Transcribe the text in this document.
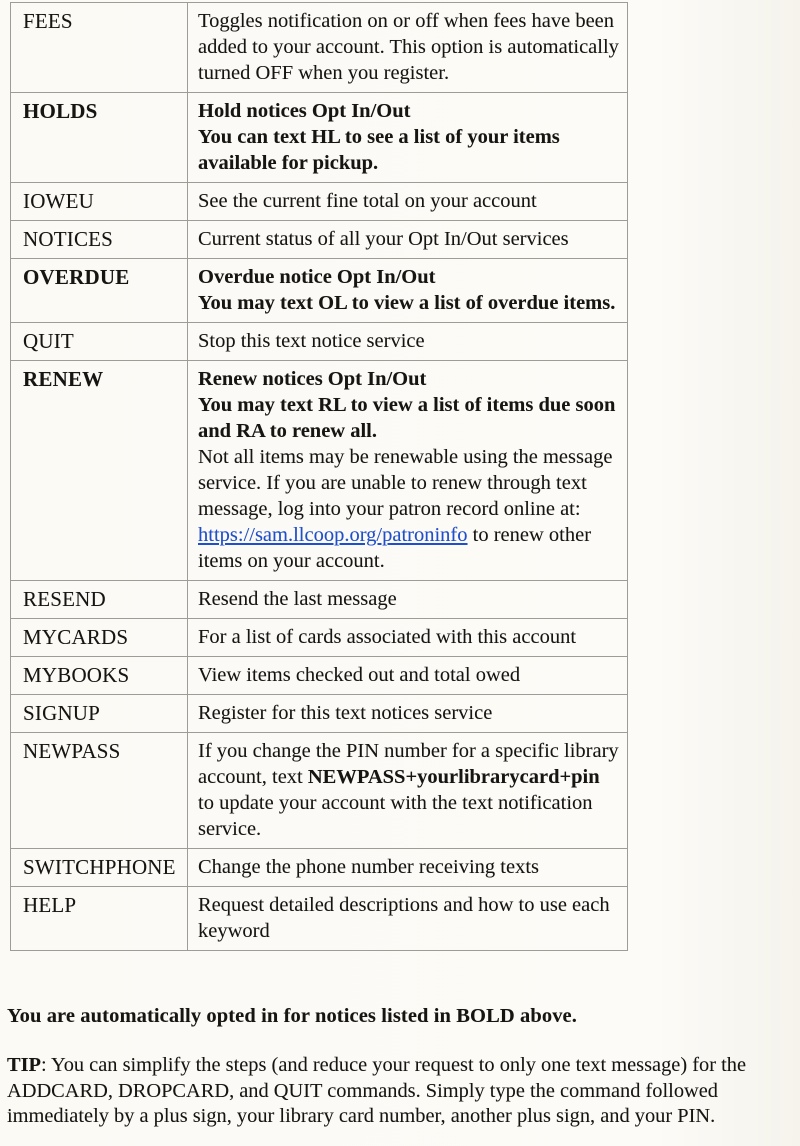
FEES	Toggles notification on or off when fees have been added to your account. This option is automatically turned OFF when you register.

HOLDS	Hold notices Opt In/Out
You can text HL to see a list of your items available for pickup.

IOWEU	See the current fine total on your account

NOTICES	Current status of all your Opt In/Out services

OVERDUE	Overdue notice Opt In/Out
You may text OL to view a list of overdue items.

QUIT	Stop this text notice service

RENEW	Renew notices Opt In/Out
You may text RL to view a list of items due soon and RA to renew all.
Not all items may be renewable using the message service. If you are unable to renew through text message, log into your patron record online at: https://sam.llcoop.org/patroninfo to renew other items on your account.

RESEND	Resend the last message

MYCARDS	For a list of cards associated with this account

MYBOOKS	View items checked out and total owed

SIGNUP	Register for this text notices service

NEWPASS	If you change the PIN number for a specific library account, text NEWPASS+yourlibrarycard+pin to update your account with the text notification service.

SWITCHPHONE	Change the phone number receiving texts

HELP	Request detailed descriptions and how to use each keyword

You are automatically opted in for notices listed in BOLD above.

TIP: You can simplify the steps (and reduce your request to only one text message) for the ADDCARD, DROPCARD, and QUIT commands. Simply type the command followed immediately by a plus sign, your library card number, another plus sign, and your PIN.
